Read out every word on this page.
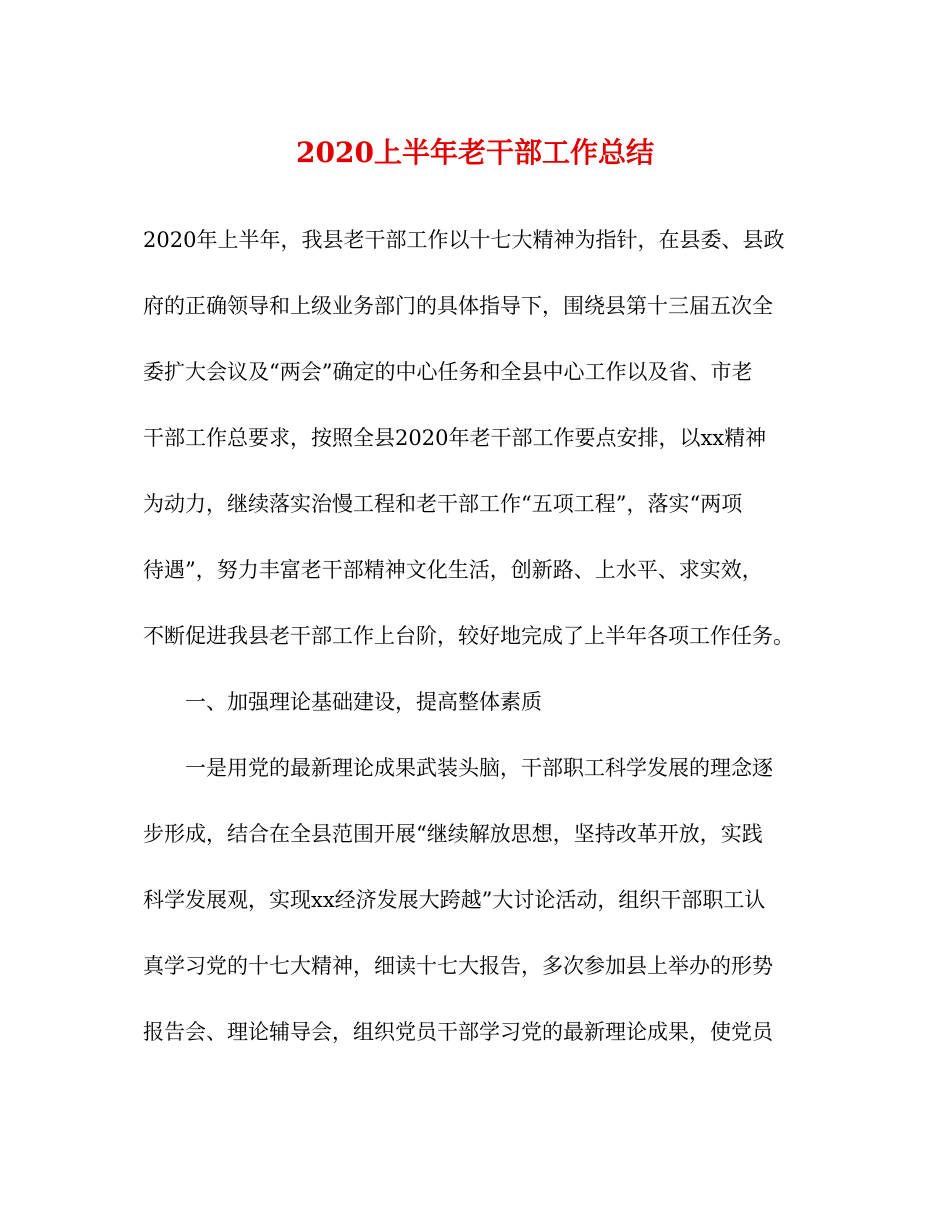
2020上半年老干部工作总结

2020年上半年，我县老干部工作以十七大精神为指针，在县委、县政

府的正确领导和上级业务部门的具体指导下，围绕县第十三届五次全

委扩大会议及“两会”确定的中心任务和全县中心工作以及省、市老

干部工作总要求，按照全县2020年老干部工作要点安排，以xx精神

为动力，继续落实治慢工程和老干部工作“五项工程”，落实“两项

待遇”，努力丰富老干部精神文化生活，创新路、上水平、求实效，

不断促进我县老干部工作上台阶，较好地完成了上半年各项工作任务。

一、加强理论基础建设，提高整体素质

一是用党的最新理论成果武装头脑，干部职工科学发展的理念逐

步形成，结合在全县范围开展“继续解放思想，坚持改革开放，实践

科学发展观，实现xx经济发展大跨越”大讨论活动，组织干部职工认

真学习党的十七大精神，细读十七大报告，多次参加县上举办的形势

报告会、理论辅导会，组织党员干部学习党的最新理论成果，使党员
